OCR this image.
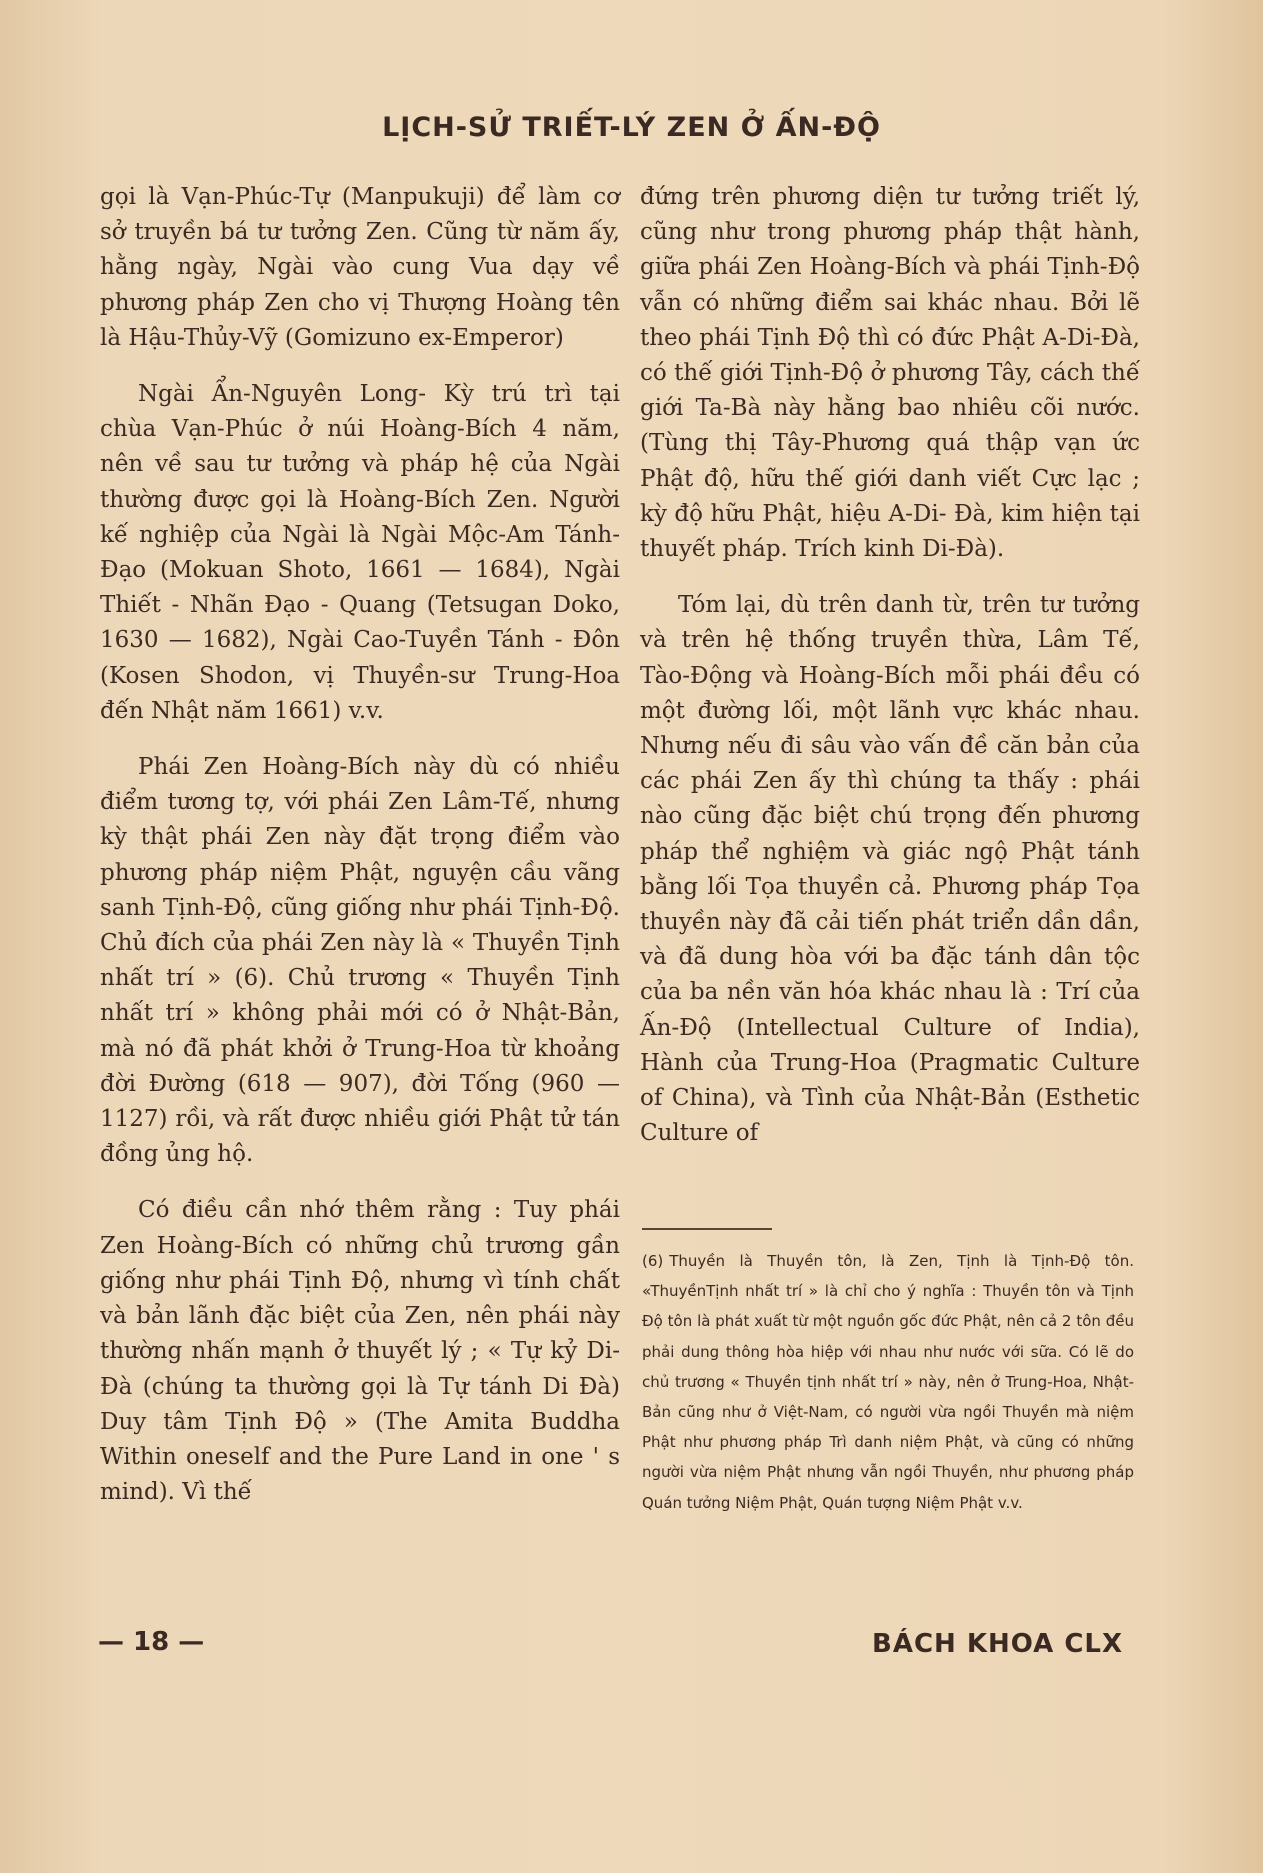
LỊCH-SỬ TRIẾT-LÝ ZEN Ở ẤN-ĐỘ

gọi là Vạn-Phúc-Tự (Manpukuji) để làm cơ sở truyền bá tư tưởng Zen. Cũng từ năm ấy, hằng ngày, Ngài vào cung Vua dạy về phương pháp Zen cho vị Thượng Hoàng tên là Hậu-Thủy-Vỹ (Gomizuno ex-Emperor)

Ngài Ẩn-Nguyên Long- Kỳ trú trì tại chùa Vạn-Phúc ở núi Hoàng-Bích 4 năm, nên về sau tư tưởng và pháp hệ của Ngài thường được gọi là Hoàng-Bích Zen. Người kế nghiệp của Ngài là Ngài Mộc-Am Tánh-Đạo (Mokuan Shoto, 1661 — 1684), Ngài Thiết - Nhãn Đạo - Quang (Tetsugan Doko, 1630 — 1682), Ngài Cao-Tuyền Tánh - Đôn (Kosen Shodon, vị Thuyền-sư Trung-Hoa đến Nhật năm 1661) v.v.

Phái Zen Hoàng-Bích này dù có nhiều điểm tương tợ, với phái Zen Lâm-Tế, nhưng kỳ thật phái Zen này đặt trọng điểm vào phương pháp niệm Phật, nguyện cầu vãng sanh Tịnh-Độ, cũng giống như phái Tịnh-Độ. Chủ đích của phái Zen này là « Thuyền Tịnh nhất trí » (6). Chủ trương « Thuyền Tịnh nhất trí » không phải mới có ở Nhật-Bản, mà nó đã phát khởi ở Trung-Hoa từ khoảng đời Đường (618 — 907), đời Tống (960 — 1127) rồi, và rất được nhiều giới Phật tử tán đồng ủng hộ.

Có điều cần nhớ thêm rằng : Tuy phái Zen Hoàng-Bích có những chủ trương gần giống như phái Tịnh Độ, nhưng vì tính chất và bản lãnh đặc biệt của Zen, nên phái này thường nhấn mạnh ở thuyết lý ; « Tự kỷ Di-Đà (chúng ta thường gọi là Tự tánh Di Đà) Duy tâm Tịnh Độ » (The Amita Buddha Within oneself and the Pure Land in one ' s mind). Vì thế

đứng trên phương diện tư tưởng triết lý, cũng như trong phương pháp thật hành, giữa phái Zen Hoàng-Bích và phái Tịnh-Độ vẫn có những điểm sai khác nhau. Bởi lẽ theo phái Tịnh Độ thì có đức Phật A-Di-Đà, có thế giới Tịnh-Độ ở phương Tây, cách thế giới Ta-Bà này hằng bao nhiêu cõi nước. (Tùng thị Tây-Phương quá thập vạn ức Phật độ, hữu thế giới danh viết Cực lạc ; kỳ độ hữu Phật, hiệu A-Di- Đà, kim hiện tại thuyết pháp. Trích kinh Di-Đà).

Tóm lại, dù trên danh từ, trên tư tưởng và trên hệ thống truyền thừa, Lâm Tế, Tào-Động và Hoàng-Bích mỗi phái đều có một đường lối, một lãnh vực khác nhau. Nhưng nếu đi sâu vào vấn đề căn bản của các phái Zen ấy thì chúng ta thấy : phái nào cũng đặc biệt chú trọng đến phương pháp thể nghiệm và giác ngộ Phật tánh bằng lối Tọa thuyền cả. Phương pháp Tọa thuyền này đã cải tiến phát triển dần dần, và đã dung hòa với ba đặc tánh dân tộc của ba nền văn hóa khác nhau là : Trí của Ấn-Độ (Intellectual Culture of India), Hành của Trung-Hoa (Pragmatic Culture of China), và Tình của Nhật-Bản (Esthetic Culture of

(6) Thuyền là Thuyền tôn, là Zen, Tịnh là Tịnh-Độ tôn. «ThuyềnTịnh nhất trí » là chỉ cho ý nghĩa : Thuyền tôn và Tịnh Độ tôn là phát xuất từ một nguồn gốc đức Phật, nên cả 2 tôn đều phải dung thông hòa hiệp với nhau như nước với sữa. Có lẽ do chủ trương « Thuyền tịnh nhất trí » này, nên ở Trung-Hoa, Nhật-Bản cũng như ở Việt-Nam, có người vừa ngồi Thuyền mà niệm Phật như phương pháp Trì danh niệm Phật, và cũng có những người vừa niệm Phật nhưng vẫn ngồi Thuyền, như phương pháp Quán tưởng Niệm Phật, Quán tượng Niệm Phật v.v.
— 18 —	BÁCH KHOA CLX
